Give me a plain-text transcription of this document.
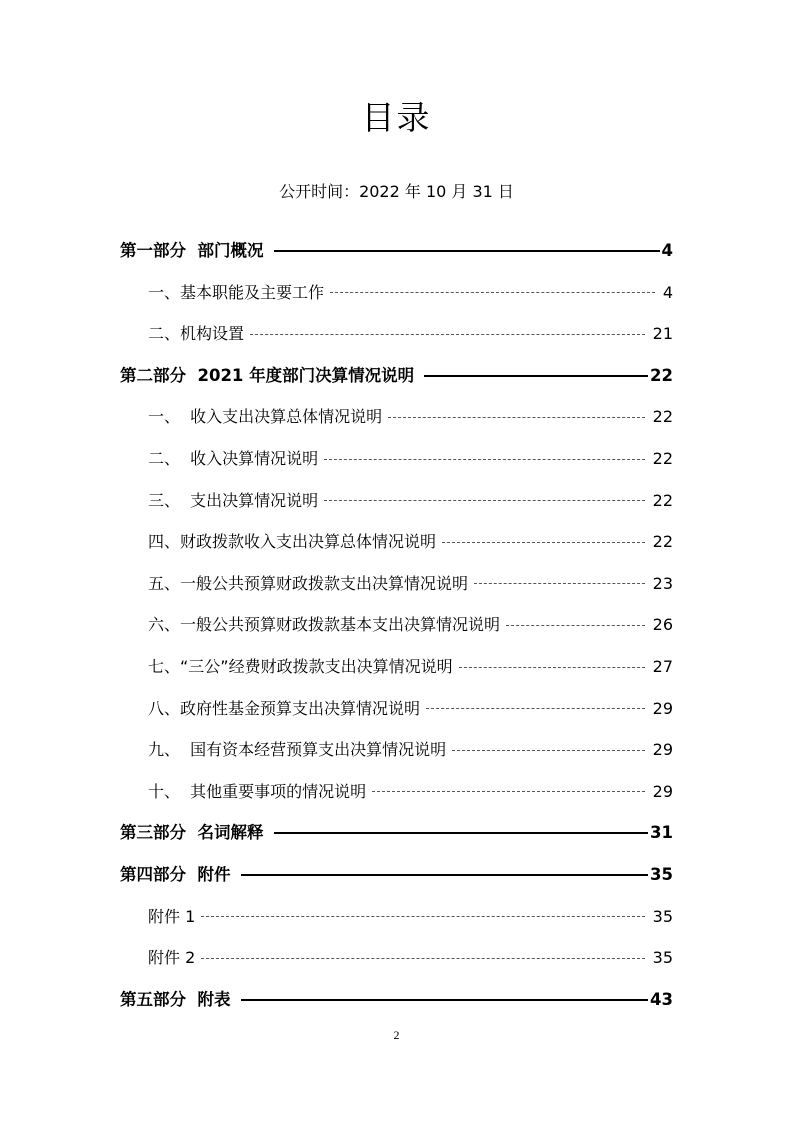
目录
公开时间：2022 年 10 月 31 日
第一部分  部门概况	4
一、基本职能及主要工作	4
二、机构设置	21
第二部分  2021 年度部门决算情况说明	22
一、  收入支出决算总体情况说明	22
二、  收入决算情况说明	22
三、  支出决算情况说明	22
四、财政拨款收入支出决算总体情况说明	22
五、一般公共预算财政拨款支出决算情况说明	23
六、一般公共预算财政拨款基本支出决算情况说明	26
七、“三公”经费财政拨款支出决算情况说明	27
八、政府性基金预算支出决算情况说明	29
九、  国有资本经营预算支出决算情况说明	29
十、  其他重要事项的情况说明	29
第三部分  名词解释	31
第四部分  附件	35
附件 1	35
附件 2	35
第五部分  附表	43
2
